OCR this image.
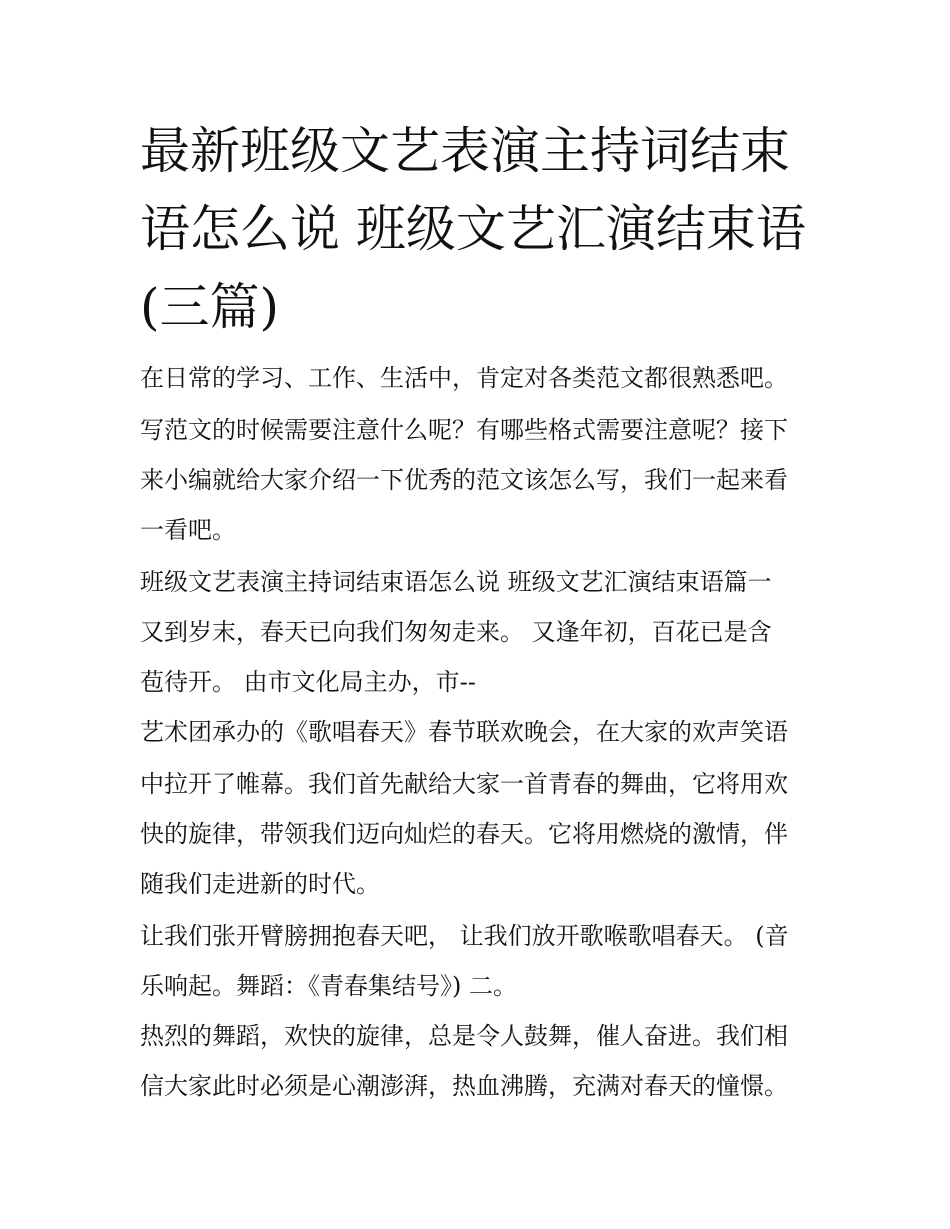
最新班级文艺表演主持词结束
语怎么说 班级文艺汇演结束语
(三篇)

在日常的学习、工作、生活中，肯定对各类范文都很熟悉吧。

写范文的时候需要注意什么呢？有哪些格式需要注意呢？接下

来小编就给大家介绍一下优秀的范文该怎么写，我们一起来看

一看吧。

班级文艺表演主持词结束语怎么说 班级文艺汇演结束语篇一

又到岁末，春天已向我们匆匆走来。 又逢年初，百花已是含

苞待开。 由市文化局主办，市--

艺术团承办的《歌唱春天》春节联欢晚会，在大家的欢声笑语

中拉开了帷幕。我们首先献给大家一首青春的舞曲，它将用欢

快的旋律，带领我们迈向灿烂的春天。它将用燃烧的激情，伴

随我们走进新的时代。

让我们张开臂膀拥抱春天吧， 让我们放开歌喉歌唱春天。 (音

乐响起。舞蹈：《青春集结号》) 二。

热烈的舞蹈，欢快的旋律，总是令人鼓舞，催人奋进。我们相

信大家此时必须是心潮澎湃，热血沸腾，充满对春天的憧憬。
